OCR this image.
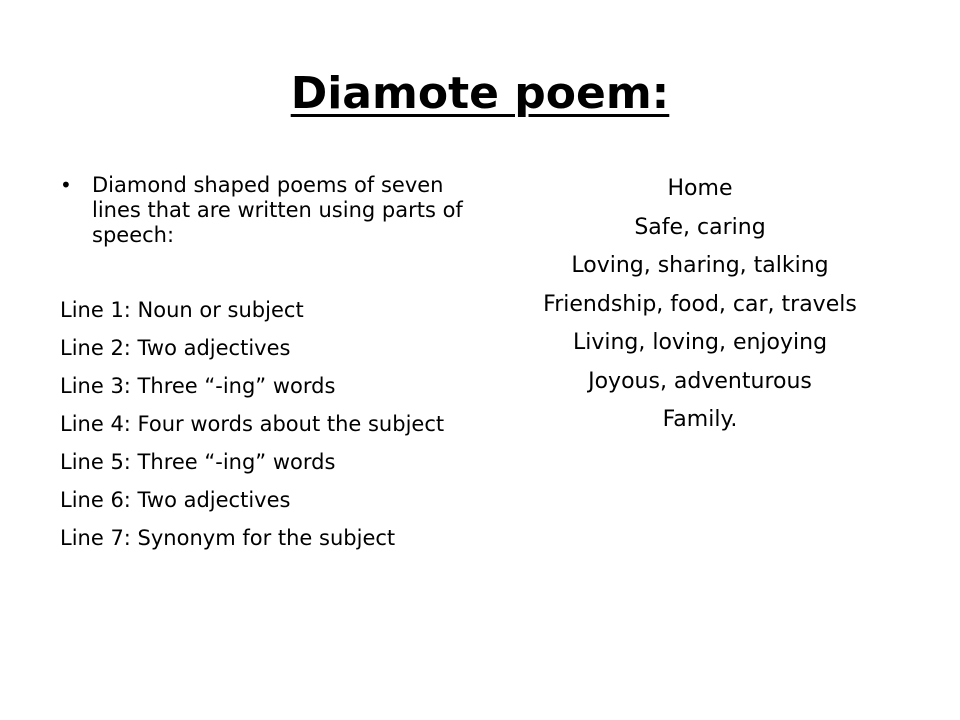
Diamote poem:
• Diamond shaped poems of seven lines that are written using parts of speech:
Line 1: Noun or subject
Line 2: Two adjectives
Line 3: Three “-ing” words
Line 4: Four words about the subject
Line 5: Three “-ing” words
Line 6: Two adjectives
Line 7: Synonym for the subject
Home
Safe, caring
Loving, sharing, talking
Friendship, food, car, travels
Living, loving, enjoying
Joyous, adventurous
Family.
